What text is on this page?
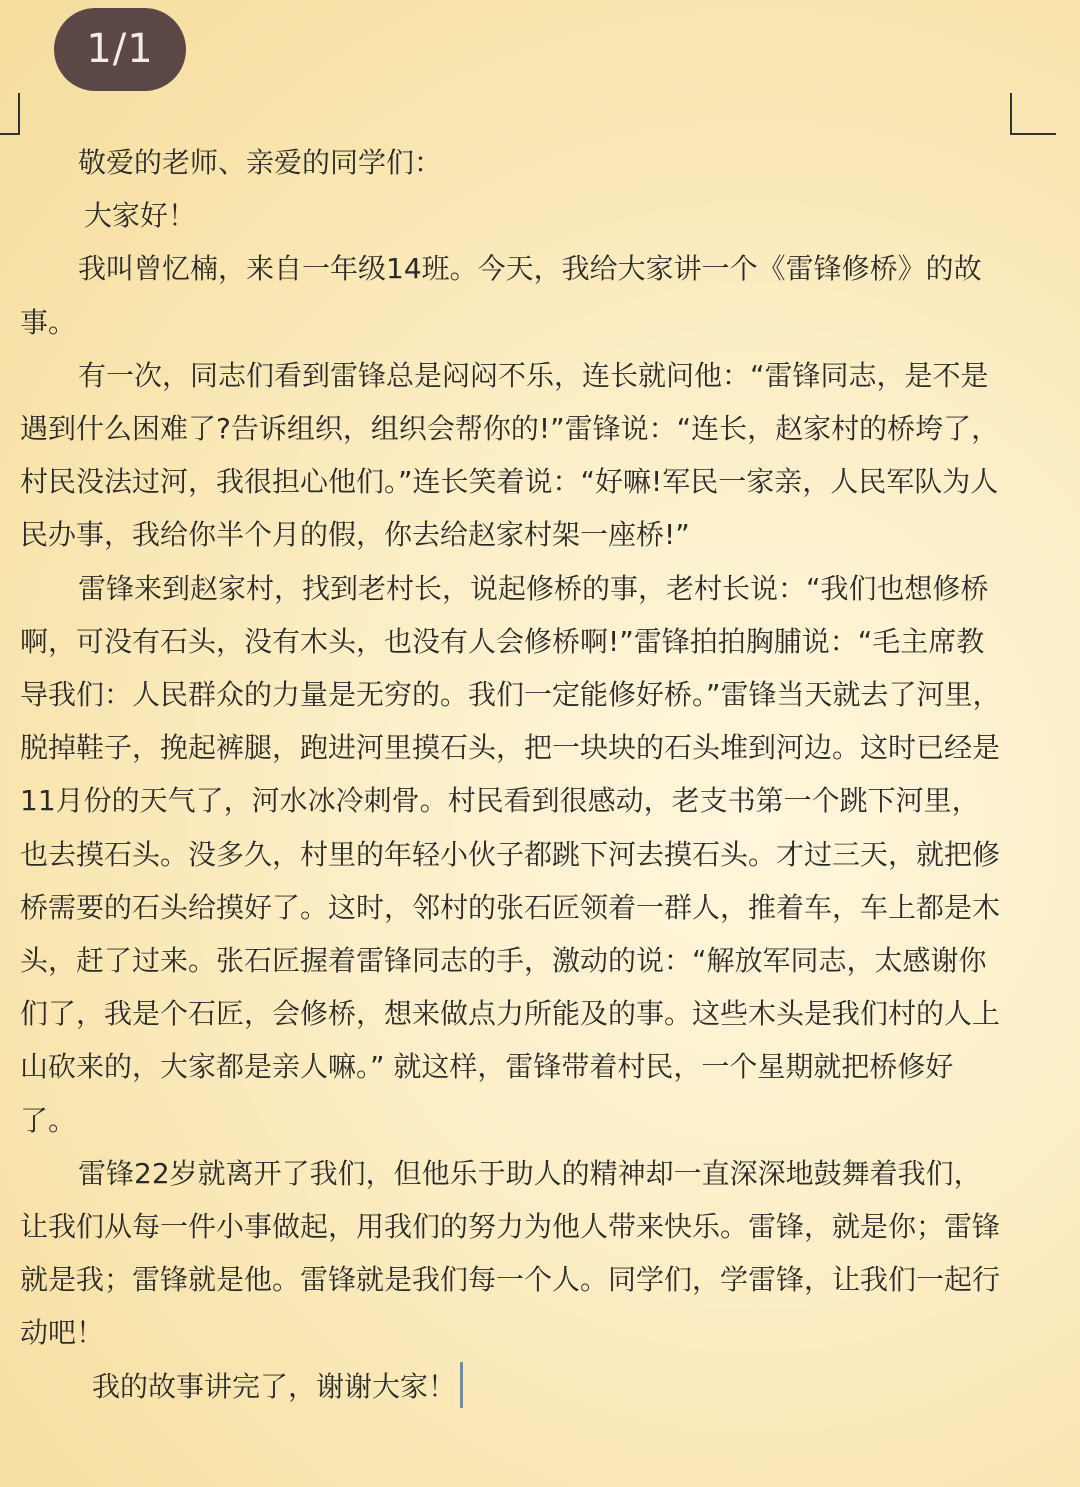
1/1

敬爱的老师、亲爱的同学们：

大家好！

我叫曾忆楠，来自一年级14班。今天，我给大家讲一个《雷锋修桥》的故事。

有一次，同志们看到雷锋总是闷闷不乐，连长就问他：“雷锋同志，是不是遇到什么困难了?告诉组织，组织会帮你的!”雷锋说：“连长，赵家村的桥垮了，村民没法过河，我很担心他们。”连长笑着说：“好嘛!军民一家亲，人民军队为人民办事，我给你半个月的假，你去给赵家村架一座桥!”

雷锋来到赵家村，找到老村长，说起修桥的事，老村长说：“我们也想修桥啊，可没有石头，没有木头，也没有人会修桥啊!”雷锋拍拍胸脯说：“毛主席教导我们：人民群众的力量是无穷的。我们一定能修好桥。”雷锋当天就去了河里，脱掉鞋子，挽起裤腿，跑进河里摸石头，把一块块的石头堆到河边。这时已经是11月份的天气了，河水冰冷刺骨。村民看到很感动，老支书第一个跳下河里，也去摸石头。没多久，村里的年轻小伙子都跳下河去摸石头。才过三天，就把修桥需要的石头给摸好了。这时，邻村的张石匠领着一群人，推着车，车上都是木头，赶了过来。张石匠握着雷锋同志的手，激动的说：“解放军同志，太感谢你们了，我是个石匠，会修桥，想来做点力所能及的事。这些木头是我们村的人上山砍来的，大家都是亲人嘛。” 就这样，雷锋带着村民，一个星期就把桥修好了。

雷锋22岁就离开了我们，但他乐于助人的精神却一直深深地鼓舞着我们，让我们从每一件小事做起，用我们的努力为他人带来快乐。雷锋，就是你；雷锋就是我；雷锋就是他。雷锋就是我们每一个人。同学们，学雷锋，让我们一起行动吧！

我的故事讲完了，谢谢大家！
